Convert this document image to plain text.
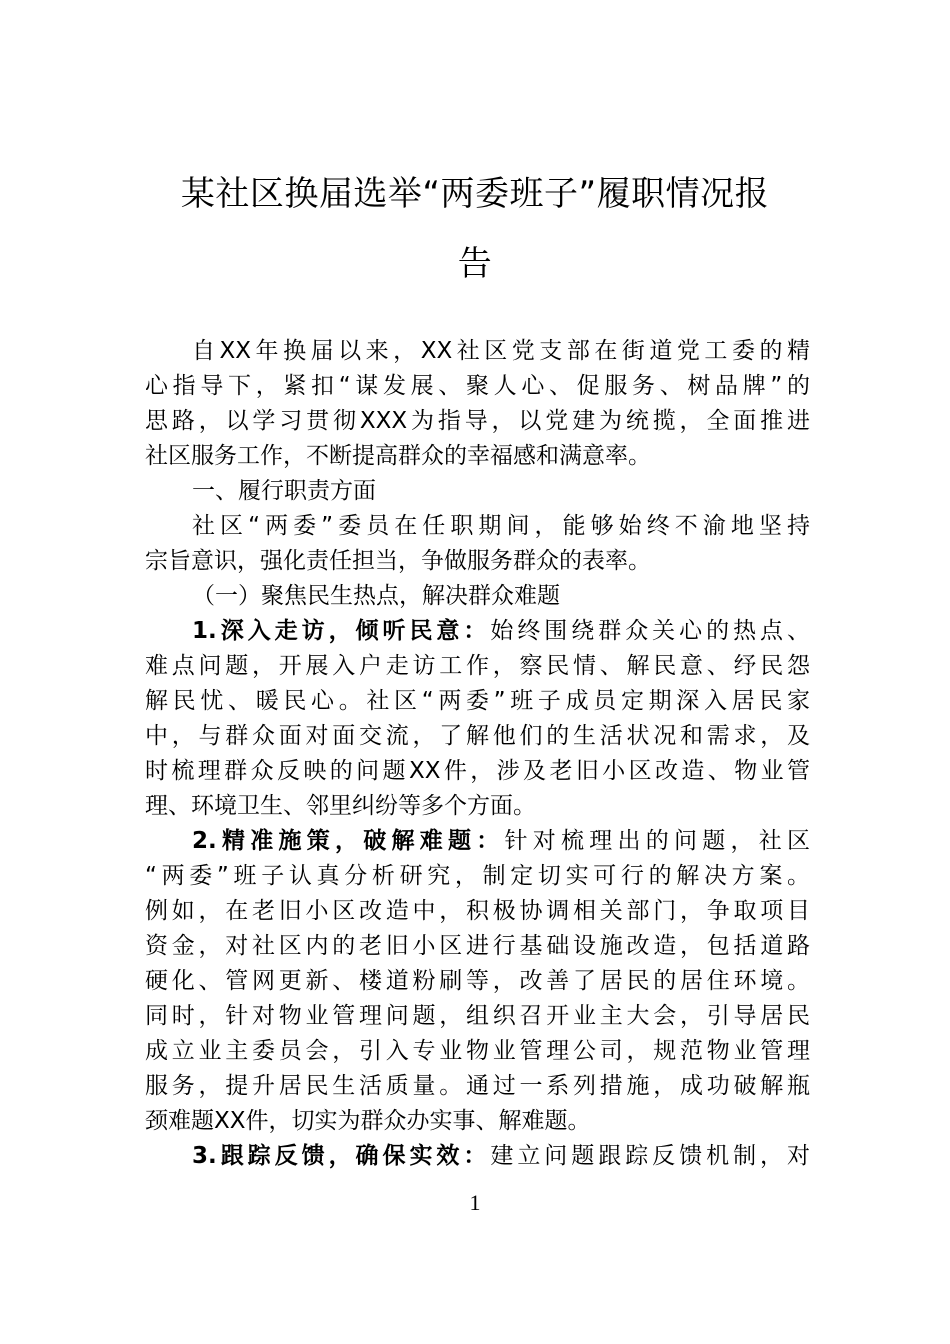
某社区换届选举“两委班子”履职情况报
告
自XX年换届以来，XX社区党支部在街道党工委的精
心指导下，紧扣“谋发展、聚人心、促服务、树品牌”的
思路，以学习贯彻XXX为指导，以党建为统揽，全面推进
社区服务工作，不断提高群众的幸福感和满意率。
一、履行职责方面
社区“两委”委员在任职期间，能够始终不渝地坚持
宗旨意识，强化责任担当，争做服务群众的表率。
（一）聚焦民生热点，解决群众难题
1.深入走访，倾听民意：始终围绕群众关心的热点、
难点问题，开展入户走访工作，察民情、解民意、纾民怨
解民忧、暖民心。社区“两委”班子成员定期深入居民家
中，与群众面对面交流，了解他们的生活状况和需求，及
时梳理群众反映的问题XX件，涉及老旧小区改造、物业管
理、环境卫生、邻里纠纷等多个方面。
2.精准施策，破解难题：针对梳理出的问题，社区
“两委”班子认真分析研究，制定切实可行的解决方案。
例如，在老旧小区改造中，积极协调相关部门，争取项目
资金，对社区内的老旧小区进行基础设施改造，包括道路
硬化、管网更新、楼道粉刷等，改善了居民的居住环境。
同时，针对物业管理问题，组织召开业主大会，引导居民
成立业主委员会，引入专业物业管理公司，规范物业管理
服务，提升居民生活质量。通过一系列措施，成功破解瓶
颈难题XX件，切实为群众办实事、解难题。
3.跟踪反馈，确保实效：建立问题跟踪反馈机制，对
1
